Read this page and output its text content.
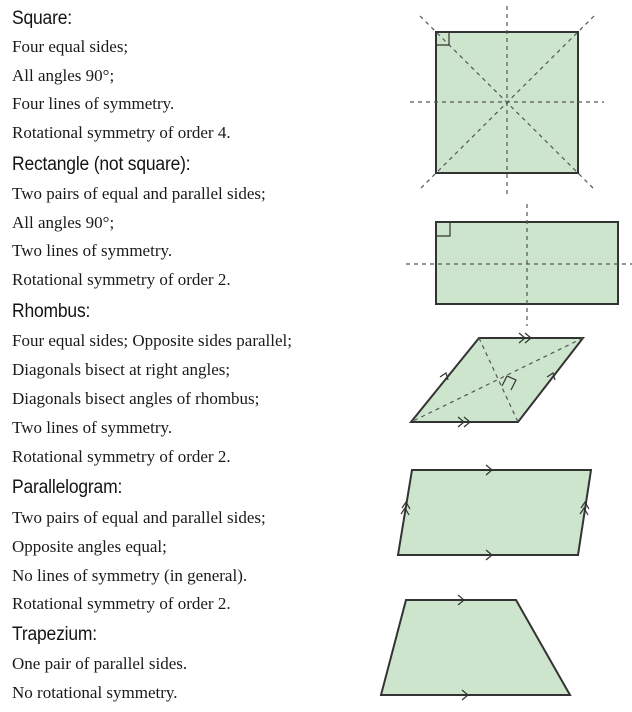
Square:
Four equal sides;
All angles 90°;
Four lines of symmetry.
Rotational symmetry of order 4.
Rectangle (not square):
Two pairs of equal and parallel sides;
All angles 90°;
Two lines of symmetry.
Rotational symmetry of order 2.
Rhombus:
Four equal sides; Opposite sides parallel;
Diagonals bisect at right angles;
Diagonals bisect angles of rhombus;
Two lines of symmetry.
Rotational symmetry of order 2.
Parallelogram:
Two pairs of equal and parallel sides;
Opposite angles equal;
No lines of symmetry (in general).
Rotational symmetry of order 2.
Trapezium:
One pair of parallel sides.
No rotational symmetry.
